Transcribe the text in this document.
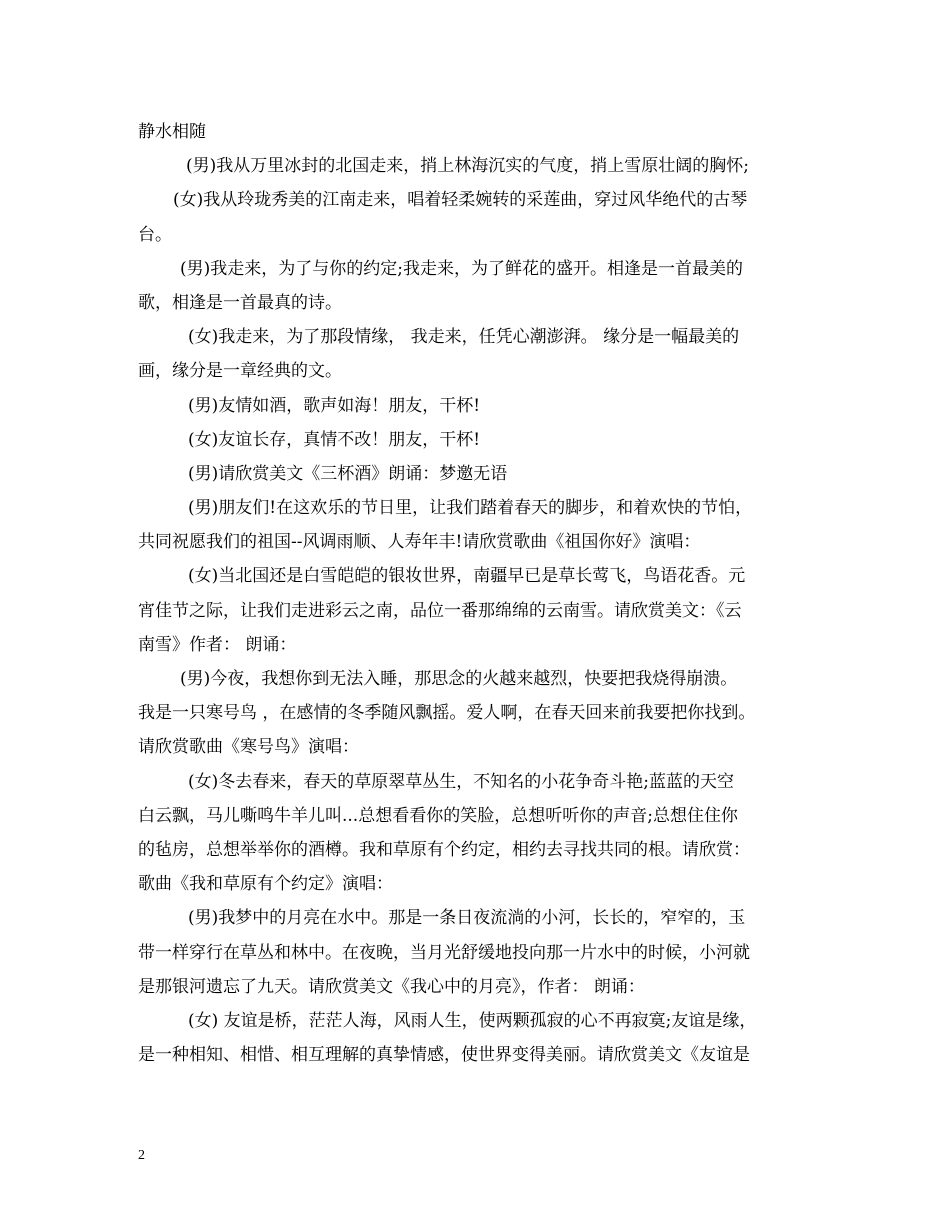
静水相随
(男)我从万里冰封的北国走来，捎上林海沉实的气度，捎上雪原壮阔的胸怀;
(女)我从玲珑秀美的江南走来，唱着轻柔婉转的采莲曲，穿过风华绝代的古琴
台。
(男)我走来，为了与你的约定;我走来，为了鲜花的盛开。相逢是一首最美的
歌，相逢是一首最真的诗。
(女)我走来，为了那段情缘， 我走来，任凭心潮澎湃。 缘分是一幅最美的
画，缘分是一章经典的文。
(男)友情如酒，歌声如海！朋友，干杯!
(女)友谊长存，真情不改！朋友，干杯!
(男)请欣赏美文《三杯酒》朗诵：梦邀无语
(男)朋友们!在这欢乐的节日里，让我们踏着春天的脚步，和着欢快的节怕，
共同祝愿我们的祖国--风调雨顺、人寿年丰!请欣赏歌曲《祖国你好》演唱：
(女)当北国还是白雪皑皑的银妆世界，南疆早已是草长莺飞，鸟语花香。元
宵佳节之际，让我们走进彩云之南，品位一番那绵绵的云南雪。请欣赏美文：《云
南雪》作者： 朗诵：
(男)今夜，我想你到无法入睡，那思念的火越来越烈，快要把我烧得崩溃。
我是一只寒号鸟 ，在感情的冬季随风飘摇。爱人啊，在春天回来前我要把你找到。
请欣赏歌曲《寒号鸟》演唱：
(女)冬去春来，春天的草原翠草丛生，不知名的小花争奇斗艳;蓝蓝的天空
白云飘，马儿嘶鸣牛羊儿叫...总想看看你的笑脸，总想听听你的声音;总想住住你
的毡房，总想举举你的酒樽。我和草原有个约定，相约去寻找共同的根。请欣赏：
歌曲《我和草原有个约定》演唱：
(男)我梦中的月亮在水中。那是一条日夜流淌的小河，长长的，窄窄的，玉
带一样穿行在草丛和林中。在夜晚，当月光舒缓地投向那一片水中的时候，小河就
是那银河遗忘了九天。请欣赏美文《我心中的月亮》，作者： 朗诵：
(女) 友谊是桥，茫茫人海，风雨人生，使两颗孤寂的心不再寂寞;友谊是缘，
是一种相知、相惜、相互理解的真挚情感，使世界变得美丽。请欣赏美文《友谊是
2
